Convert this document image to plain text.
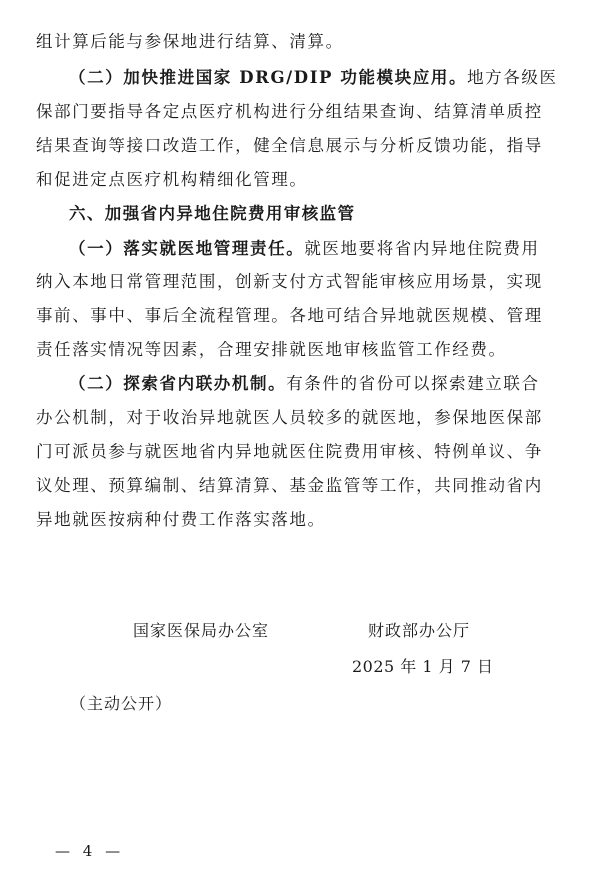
组计算后能与参保地进行结算、清算。
（二）加快推进国家 DRG/DIP 功能模块应用。地方各级医
保部门要指导各定点医疗机构进行分组结果查询、结算清单质控
结果查询等接口改造工作，健全信息展示与分析反馈功能，指导
和促进定点医疗机构精细化管理。
六、加强省内异地住院费用审核监管
（一）落实就医地管理责任。就医地要将省内异地住院费用
纳入本地日常管理范围，创新支付方式智能审核应用场景，实现
事前、事中、事后全流程管理。各地可结合异地就医规模、管理
责任落实情况等因素，合理安排就医地审核监管工作经费。
（二）探索省内联办机制。有条件的省份可以探索建立联合
办公机制，对于收治异地就医人员较多的就医地，参保地医保部
门可派员参与就医地省内异地就医住院费用审核、特例单议、争
议处理、预算编制、结算清算、基金监管等工作，共同推动省内
异地就医按病种付费工作落实落地。
国家医保局办公室	财政部办公厅
2025 年 1 月 7 日
（主动公开）
— 4 —
